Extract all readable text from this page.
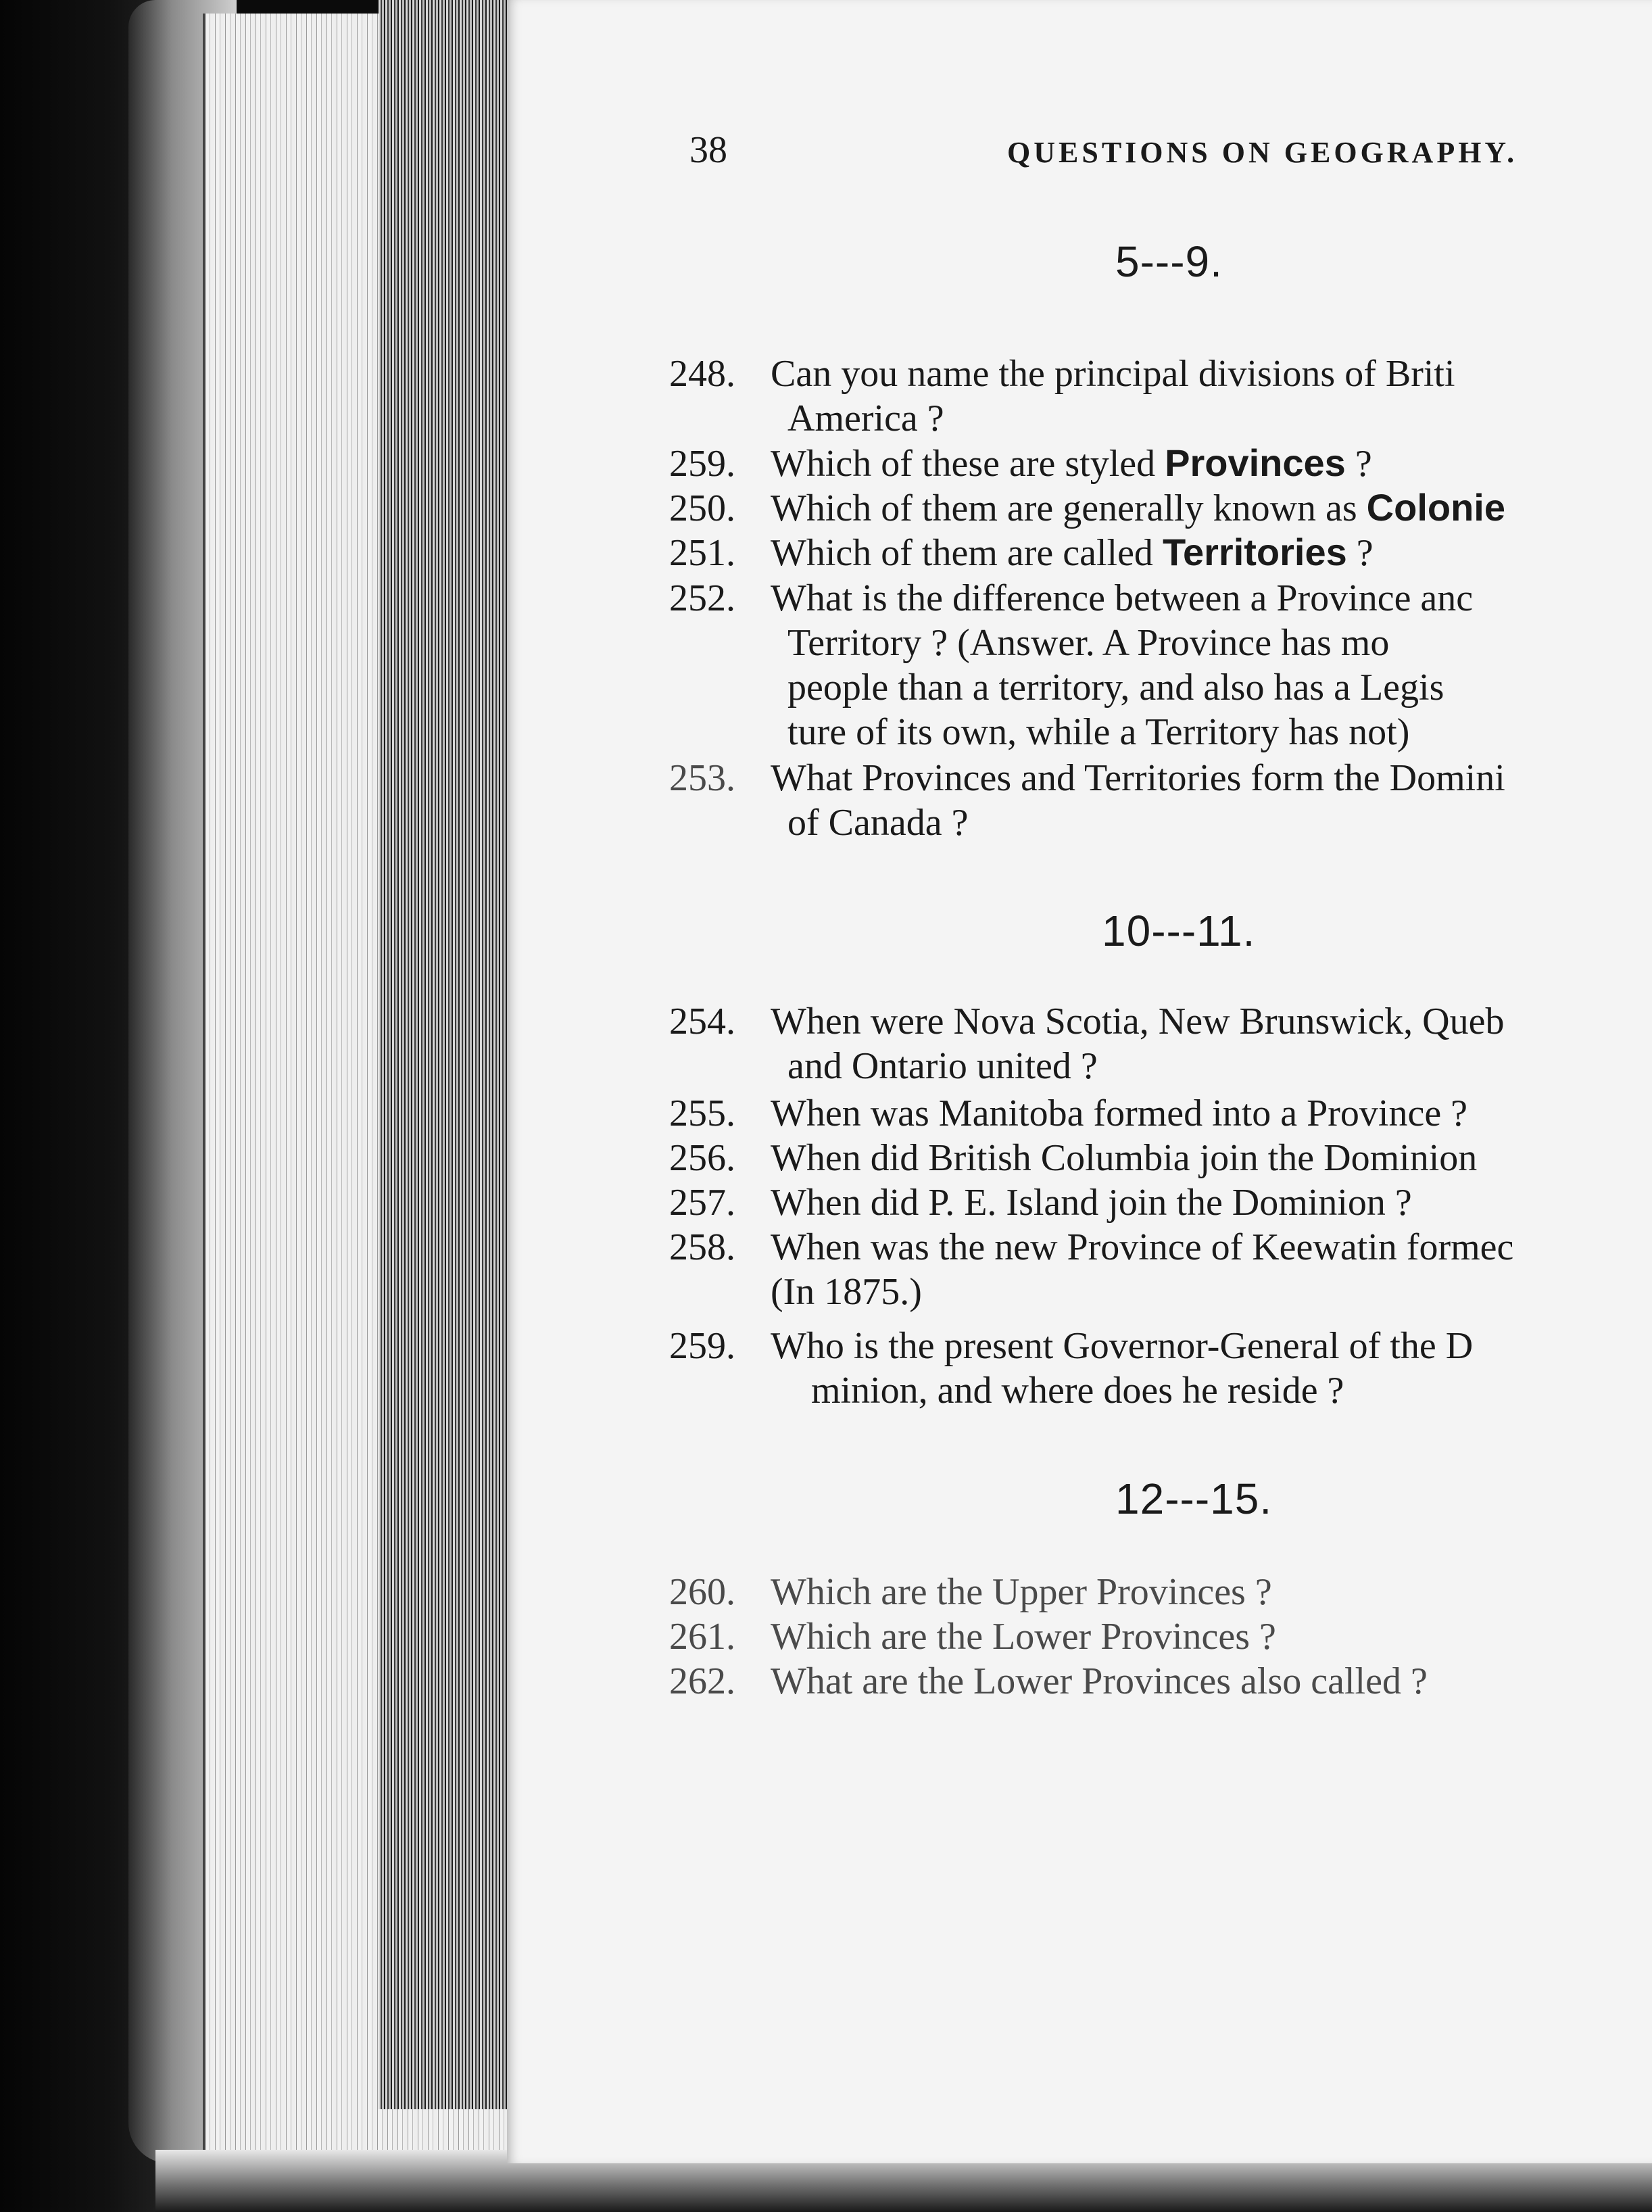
38	QUESTIONS ON GEOGRAPHY.
5---9.
248. Can you name the principal divisions of Briti
America ?
259. Which of these are styled Provinces ?
250. Which of them are generally known as Colonie
251. Which of them are called Territories ?
252. What is the difference between a Province anc
Territory ? (Answer. A Province has mo
people than a territory, and also has a Legis
ture of its own, while a Territory has not)
253. What Provinces and Territories form the Domini
of Canada ?
10---11.
254. When were Nova Scotia, New Brunswick, Queb
and Ontario united ?
255. When was Manitoba formed into a Province ?
256. When did British Columbia join the Dominion
257. When did P. E. Island join the Dominion ?
258. When was the new Province of Keewatin formec
(In 1875.)
259. Who is the present Governor-General of the D
minion, and where does he reside ?
12---15.
260. Which are the Upper Provinces ?
261. Which are the Lower Provinces ?
262. What are the Lower Provinces also called ?
